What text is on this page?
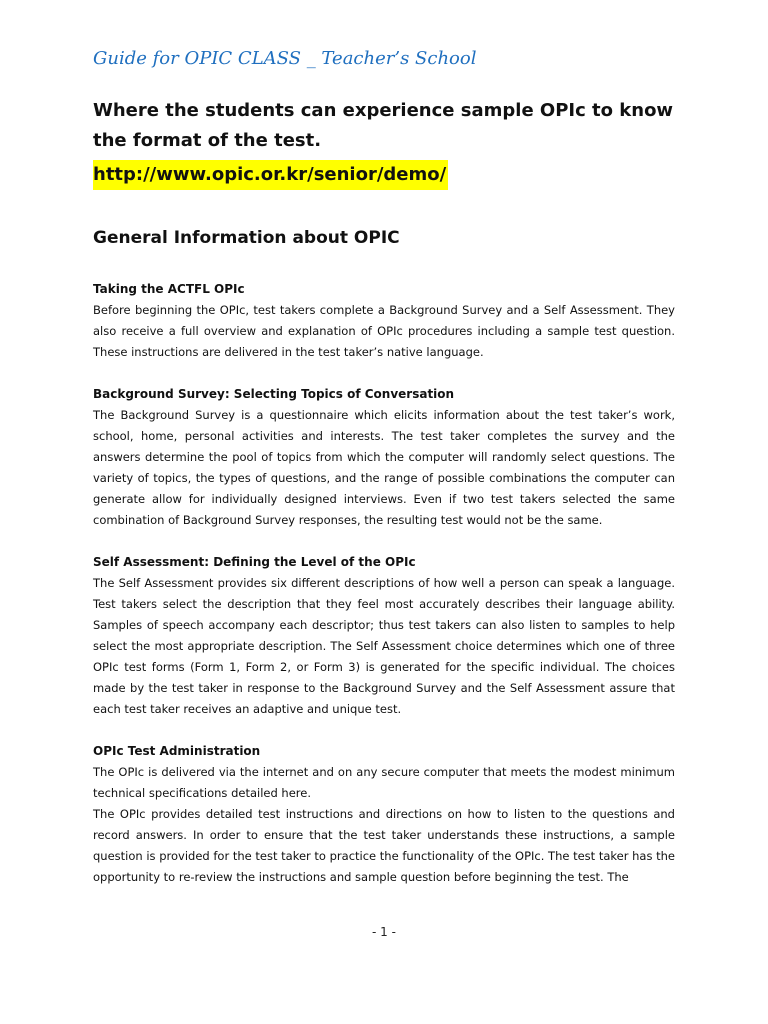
Guide for OPIC CLASS _ Teacher’s School

Where the students can experience sample OPIc to know

the format of the test.

http://www.opic.or.kr/senior/demo/
General Information about OPIC
Taking the ACTFL OPIc

Before beginning the OPIc, test takers complete a Background Survey and a Self Assessment. They also receive a full overview and explanation of OPIc procedures including a sample test question. These instructions are delivered in the test taker’s native language.

Background Survey: Selecting Topics of Conversation

The Background Survey is a questionnaire which elicits information about the test taker’s work, school, home, personal activities and interests. The test taker completes the survey and the answers determine the pool of topics from which the computer will randomly select questions. The variety of topics, the types of questions, and the range of possible combinations the computer can generate allow for individually designed interviews. Even if two test takers selected the same combination of Background Survey responses, the resulting test would not be the same.

Self Assessment: Defining the Level of the OPIc

The Self Assessment provides six different descriptions of how well a person can speak a language. Test takers select the description that they feel most accurately describes their language ability. Samples of speech accompany each descriptor; thus test takers can also listen to samples to help select the most appropriate description. The Self Assessment choice determines which one of three OPIc test forms (Form 1, Form 2, or Form 3) is generated for the specific individual. The choices made by the test taker in response to the Background Survey and the Self Assessment assure that each test taker receives an adaptive and unique test.

OPIc Test Administration

The OPIc is delivered via the internet and on any secure computer that meets the modest minimum technical specifications detailed here.

The OPIc provides detailed test instructions and directions on how to listen to the questions and record answers. In order to ensure that the test taker understands these instructions, a sample question is provided for the test taker to practice the functionality of the OPIc. The test taker has the opportunity to re-review the instructions and sample question before beginning the test. The

- 1 -
